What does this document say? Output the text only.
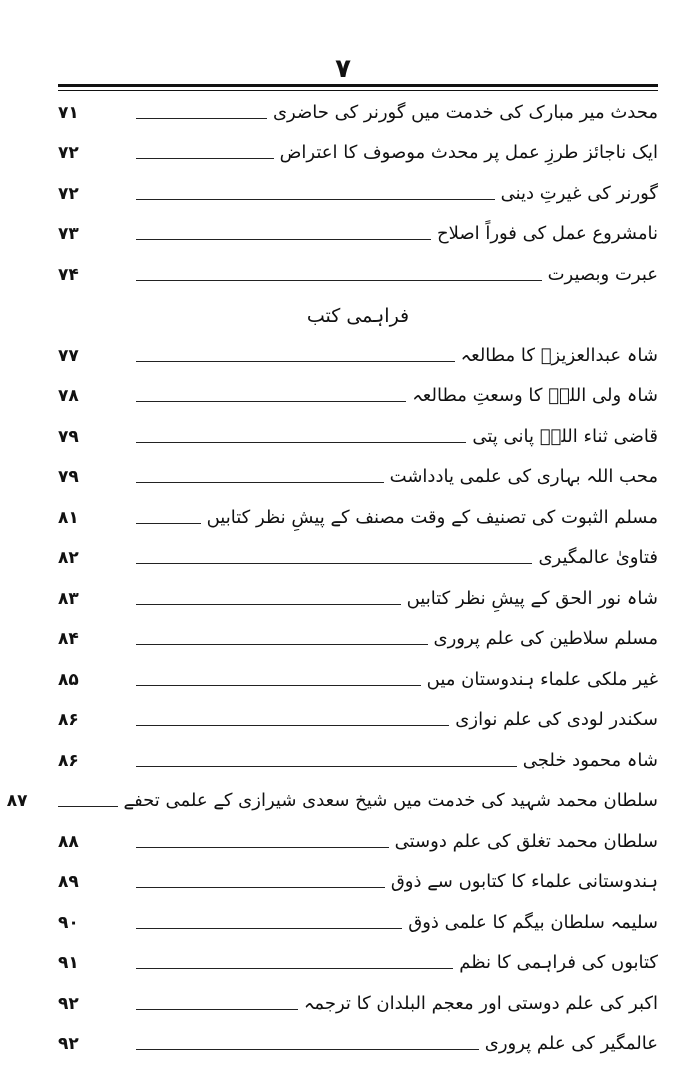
۷
محدث میر مبارک کی خدمت میں گورنر کی حاضری
۷۱
ایک ناجائز طرزِ عمل پر محدث موصوف کا اعتراض
۷۲
گورنر کی غیرتِ دینی
۷۲
نامشروع عمل کی فوراً اصلاح
۷۳
عبرت وبصیرت
۷۴
فراہمی کتب
شاہ عبدالعزیزؒ کا مطالعہ
۷۷
شاہ ولی اللہؒ کا وسعتِ مطالعہ
۷۸
قاضی ثناء اللہؒ پانی پتی
۷۹
محب اللہ بہاری کی علمی یادداشت
۷۹
مسلم الثبوت کی تصنیف کے وقت مصنف کے پیشِ نظر کتابیں
۸۱
فتاویٰ عالمگیری
۸۲
شاہ نور الحق کے پیشِ نظر کتابیں
۸۳
مسلم سلاطین کی علم پروری
۸۴
غیر ملکی علماء ہندوستان میں
۸۵
سکندر لودی کی علم نوازی
۸۶
شاہ محمود خلجی
۸۶
سلطان محمد شہید کی خدمت میں شیخ سعدی شیرازی کے علمی تحفے
۸۷
سلطان محمد تغلق کی علم دوستی
۸۸
ہندوستانی علماء کا کتابوں سے ذوق
۸۹
سلیمہ سلطان بیگم کا علمی ذوق
۹۰
کتابوں کی فراہمی کا نظم
۹۱
اکبر کی علم دوستی اور معجم البلدان کا ترجمہ
۹۲
عالمگیر کی علم پروری
۹۲
